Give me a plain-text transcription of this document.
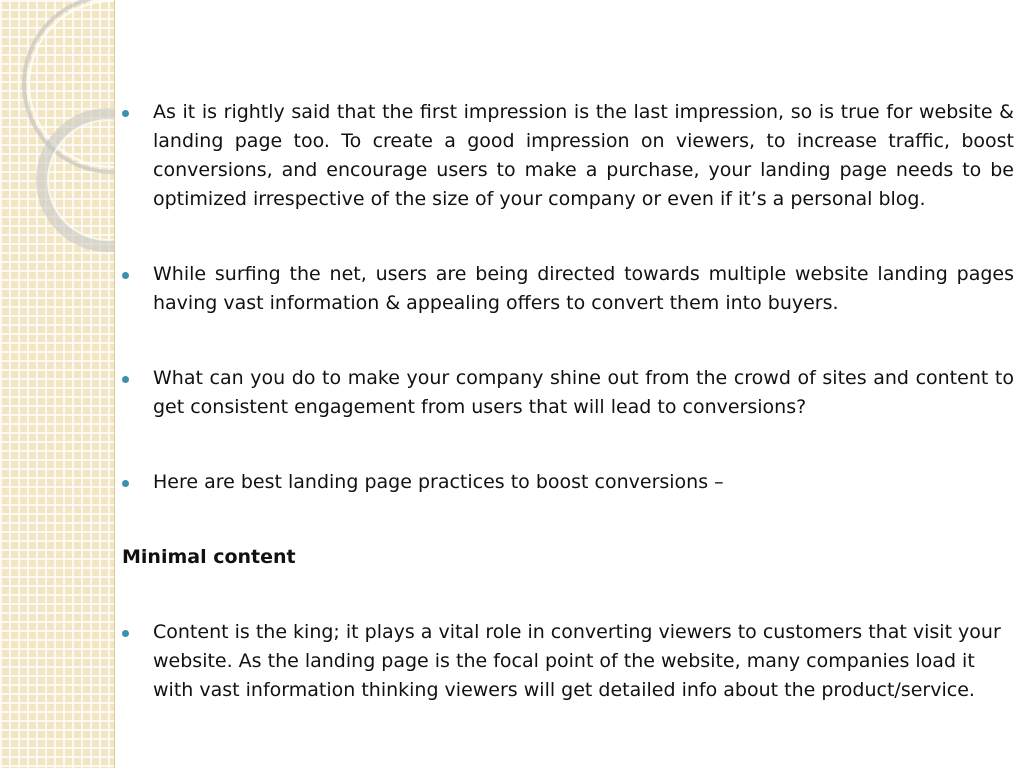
As it is rightly said that the first impression is the last impression, so is true for website & landing page too. To create a good impression on viewers, to increase traffic, boost conversions, and encourage users to make a purchase, your landing page needs to be optimized irrespective of the size of your company or even if it’s a personal blog.
While surfing the net, users are being directed towards multiple website landing pages having vast information & appealing offers to convert them into buyers.
What can you do to make your company shine out from the crowd of sites and content to get consistent engagement from users that will lead to conversions?
Here are best landing page practices to boost conversions –
Minimal content
Content is the king; it plays a vital role in converting viewers to customers that visit your website. As the landing page is the focal point of the website, many companies load it with vast information thinking viewers will get detailed info about the product/service.
